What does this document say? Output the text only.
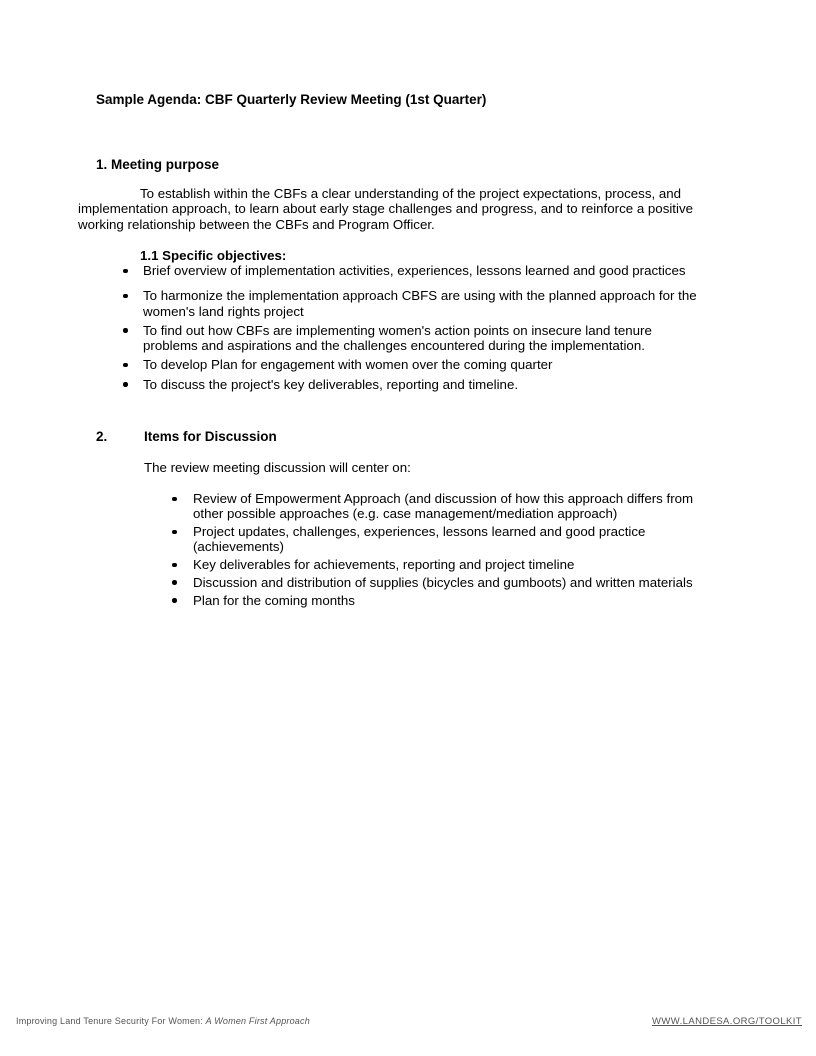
Sample Agenda: CBF Quarterly Review Meeting (1st Quarter)
1. Meeting purpose
To establish within the CBFs a clear understanding of the project expectations, process, and implementation approach, to learn about early stage challenges and progress, and to reinforce a positive working relationship between the CBFs and Program Officer.
1.1 Specific objectives:
Brief overview of implementation activities, experiences, lessons learned and good practices
To harmonize the implementation approach CBFS are using with the planned approach for the women's land rights project
To find out how CBFs are implementing women's action points on insecure land tenure problems and aspirations and the challenges encountered during the implementation.
To develop Plan for engagement with women over the coming quarter
To discuss the project's key deliverables, reporting and timeline.
2.	Items for Discussion
The review meeting discussion will center on:
Review of Empowerment Approach (and discussion of how this approach differs from other possible approaches (e.g. case management/mediation approach)
Project updates, challenges, experiences, lessons learned and good practice (achievements)
Key deliverables for achievements, reporting and project timeline
Discussion and distribution of supplies (bicycles and gumboots) and written materials
Plan for the coming months
Improving Land Tenure Security For Women: A Women First Approach	WWW.LANDESA.ORG/TOOLKIT
